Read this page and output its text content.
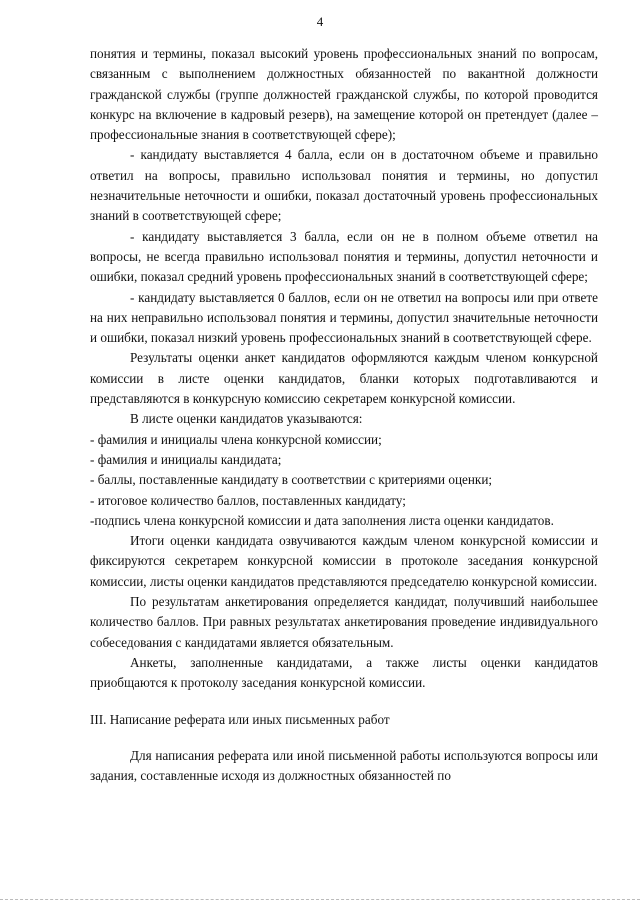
4
понятия и термины, показал высокий уровень профессиональных знаний по вопросам, связанным с выполнением должностных обязанностей по вакантной должности гражданской службы (группе должностей гражданской службы, по которой проводится конкурс на включение в кадровый резерв), на замещение которой он претендует (далее – профессиональные знания в соответствующей сфере);
- кандидату выставляется 4 балла, если он в достаточном объеме и правильно ответил на вопросы, правильно использовал понятия и термины, но допустил незначительные неточности и ошибки, показал достаточный уровень профессиональных знаний в соответствующей сфере;
- кандидату выставляется 3 балла, если он не в полном объеме ответил на вопросы, не всегда правильно использовал понятия и термины, допустил неточности и ошибки, показал средний уровень профессиональных знаний в соответствующей сфере;
- кандидату выставляется 0 баллов, если он не ответил на вопросы или при ответе на них неправильно использовал понятия и термины, допустил значительные неточности и ошибки, показал низкий уровень профессиональных знаний в соответствующей сфере.
Результаты оценки анкет кандидатов оформляются каждым членом конкурсной комиссии в листе оценки кандидатов, бланки которых подготавливаются и представляются в конкурсную комиссию секретарем конкурсной комиссии.
В листе оценки кандидатов указываются:
- фамилия и инициалы члена конкурсной комиссии;
- фамилия и инициалы кандидата;
- баллы, поставленные кандидату в соответствии с критериями оценки;
- итоговое количество баллов, поставленных кандидату;
-подпись члена конкурсной комиссии и дата заполнения листа оценки кандидатов.
Итоги оценки кандидата озвучиваются каждым членом конкурсной комиссии и фиксируются секретарем конкурсной комиссии в протоколе заседания конкурсной комиссии, листы оценки кандидатов представляются председателю конкурсной комиссии.
По результатам анкетирования определяется кандидат, получивший наибольшее количество баллов. При равных результатах анкетирования проведение индивидуального собеседования с кандидатами является обязательным.
Анкеты, заполненные кандидатами, а также листы оценки кандидатов приобщаются к протоколу заседания конкурсной комиссии.
III. Написание реферата или иных письменных работ
Для написания реферата или иной письменной работы используются вопросы или задания, составленные исходя из должностных обязанностей по
